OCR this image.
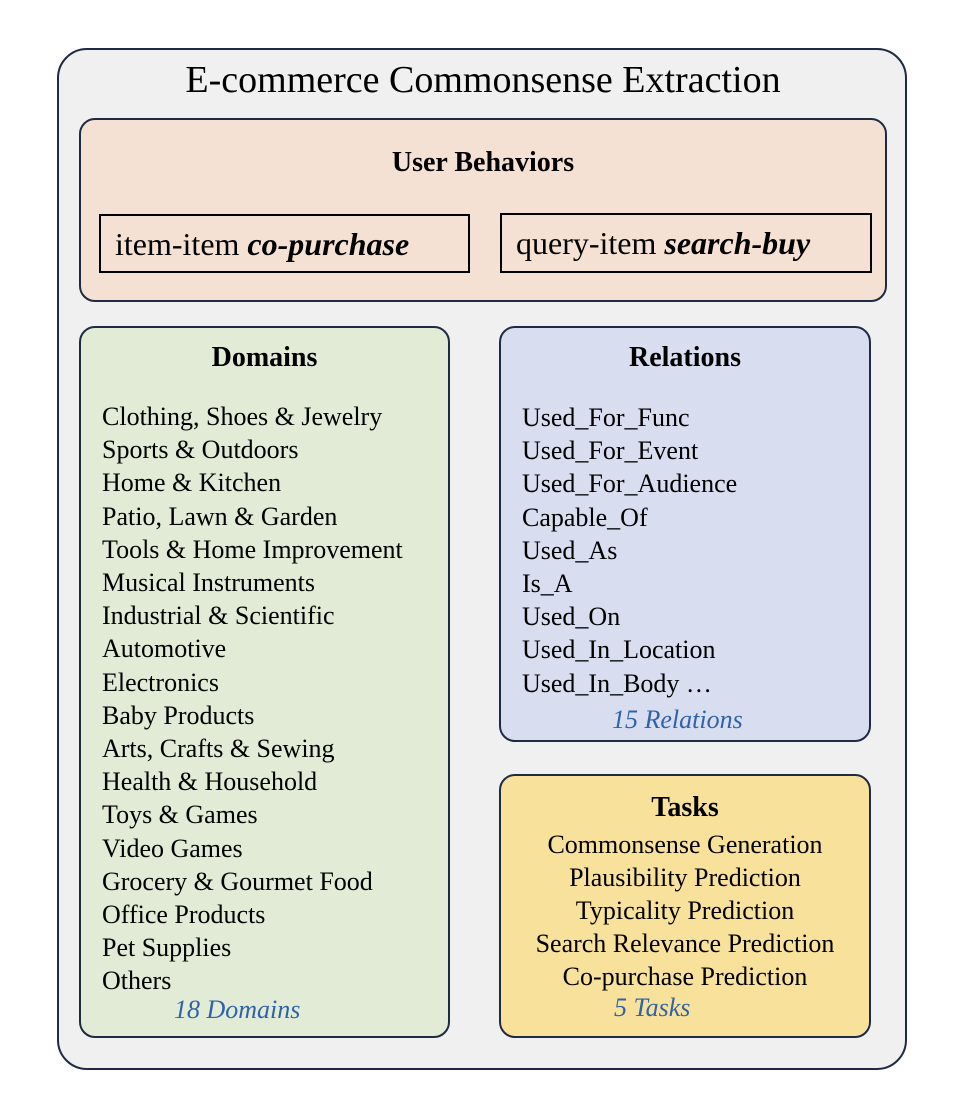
E-commerce Commonsense Extraction
User Behaviors
item-item co-purchase	query-item search-buy
Domains
Clothing, Shoes & Jewelry
Sports & Outdoors
Home & Kitchen
Patio, Lawn & Garden
Tools & Home Improvement
Musical Instruments
Industrial & Scientific
Automotive
Electronics
Baby Products
Arts, Crafts & Sewing
Health & Household
Toys & Games
Video Games
Grocery & Gourmet Food
Office Products
Pet Supplies
Others
18 Domains
Relations
Used_For_Func
Used_For_Event
Used_For_Audience
Capable_Of
Used_As
Is_A
Used_On
Used_In_Location
Used_In_Body …
15 Relations
Tasks
Commonsense Generation
Plausibility Prediction
Typicality Prediction
Search Relevance Prediction
Co-purchase Prediction
5 Tasks
